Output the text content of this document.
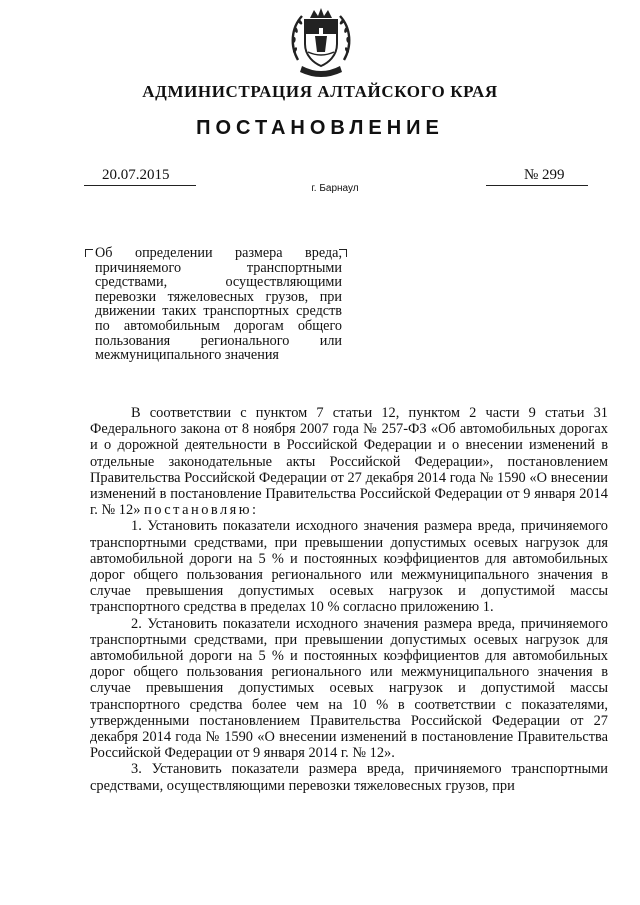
АДМИНИСТРАЦИЯ АЛТАЙСКОГО КРАЯ
ПОСТАНОВЛЕНИЕ
20.07.2015	№ 299
г. Барнаул
Об определении размера вреда, причиняемого транспортными средствами, осуществляющими перевозки тяжеловесных грузов, при движении таких транспортных средств по автомобильным дорогам общего пользования регионального или межмуниципального значения

В соответствии с пунктом 7 статьи 12, пунктом 2 части 9 статьи 31 Федерального закона от 8 ноября 2007 года № 257-ФЗ «Об автомобильных дорогах и о дорожной деятельности в Российской Федерации и о внесении изменений в отдельные законодательные акты Российской Федерации», постановлением Правительства Российской Федерации от 27 декабря 2014 года № 1590 «О внесении изменений в постановление Правительства Российской Федерации от 9 января 2014 г. № 12» постановляю:

1. Установить показатели исходного значения размера вреда, причиняемого транспортными средствами, при превышении допустимых осевых нагрузок для автомобильной дороги на 5 % и постоянных коэффициентов для автомобильных дорог общего пользования регионального или межмуниципального значения в случае превышения допустимых осевых нагрузок и допустимой массы транспортного средства в пределах 10 % согласно приложению 1.

2. Установить показатели исходного значения размера вреда, причиняемого транспортными средствами, при превышении допустимых осевых нагрузок для автомобильной дороги на 5 % и постоянных коэффициентов для автомобильных дорог общего пользования регионального или межмуниципального значения в случае превышения допустимых осевых нагрузок и допустимой массы транспортного средства более чем на 10 % в соответствии с показателями, утвержденными постановлением Правительства Российской Федерации от 27 декабря 2014 года № 1590 «О внесении изменений в постановление Правительства Российской Федерации от 9 января 2014 г. № 12».

3. Установить показатели размера вреда, причиняемого транспортными средствами, осуществляющими перевозки тяжеловесных грузов, при
